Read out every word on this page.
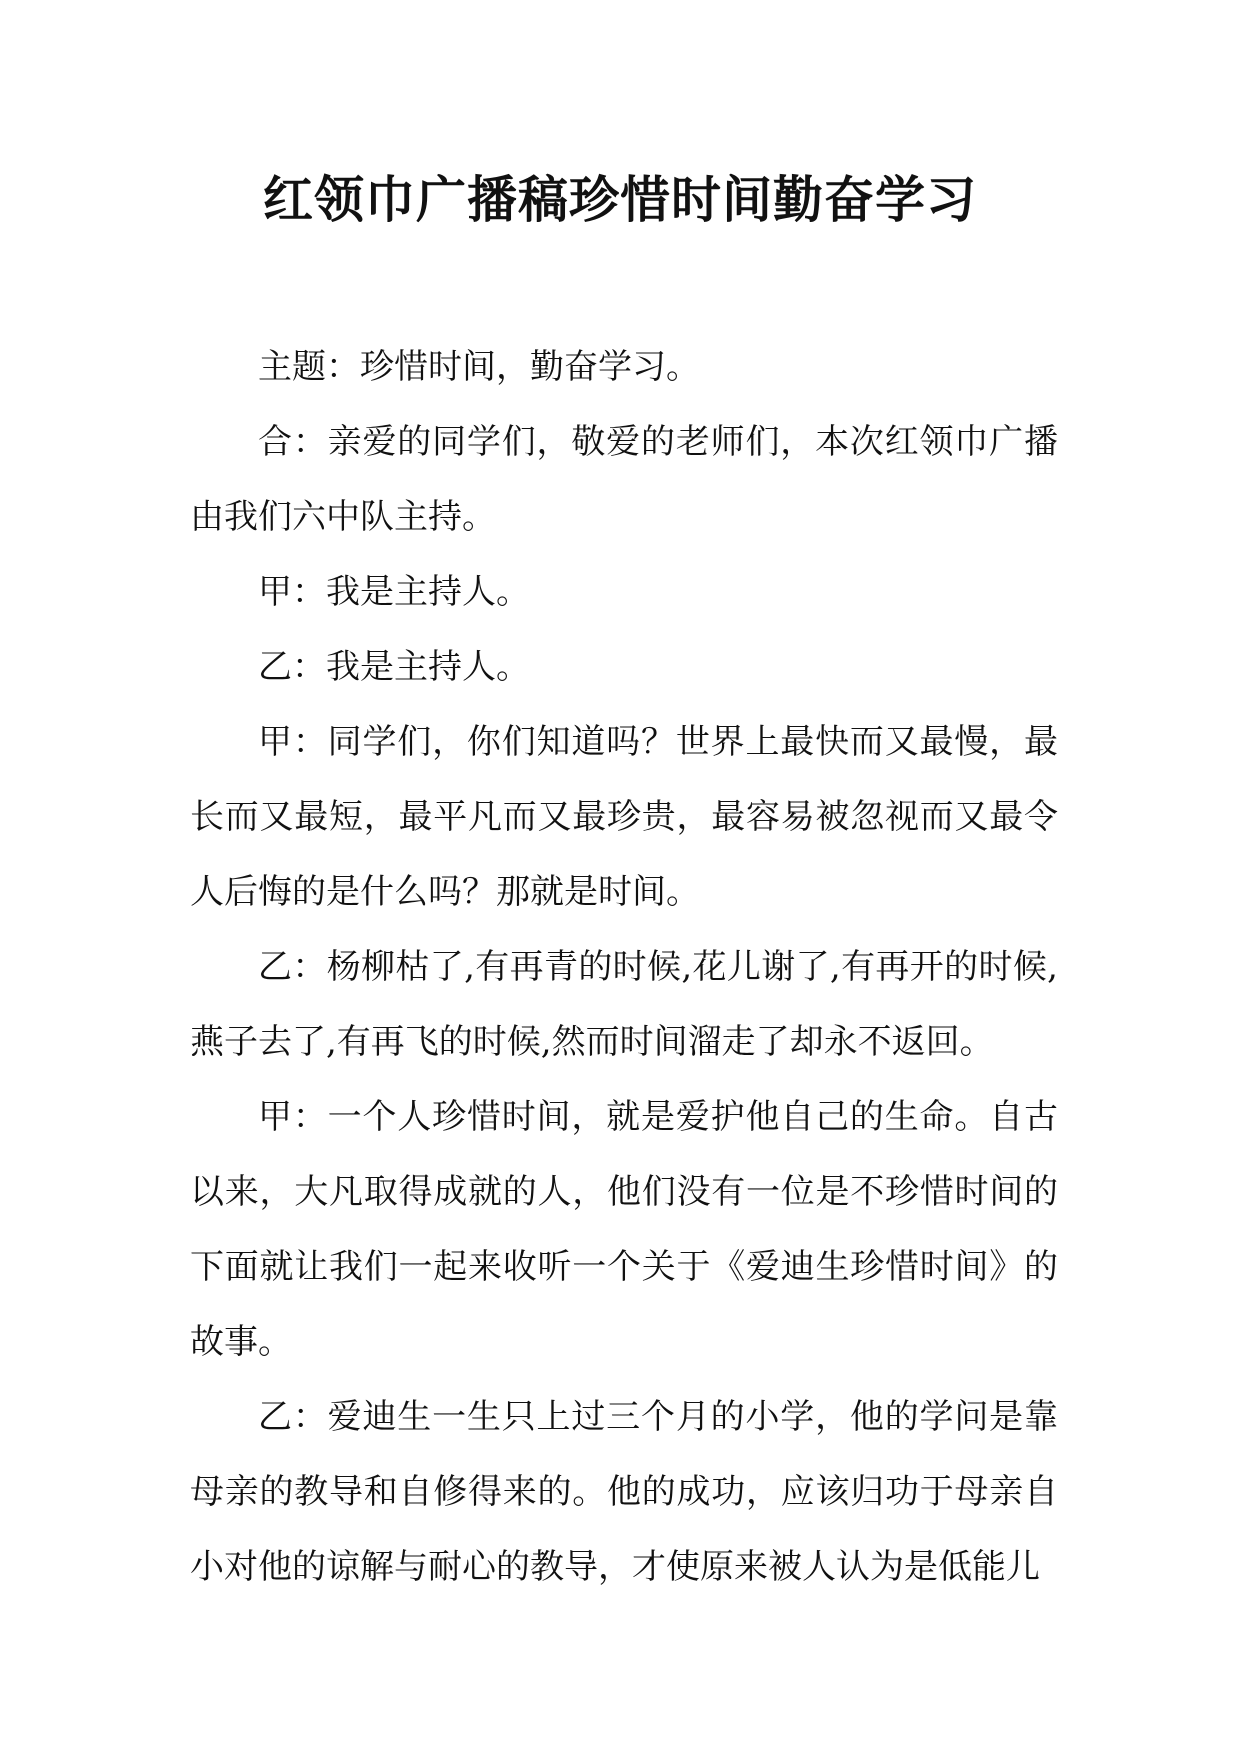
红领巾广播稿珍惜时间勤奋学习

主题：珍惜时间，勤奋学习。

合：亲爱的同学们，敬爱的老师们，本次红领巾广播由我们六中队主持。

甲：我是主持人。

乙：我是主持人。

甲：同学们，你们知道吗？世界上最快而又最慢，最长而又最短，最平凡而又最珍贵，最容易被忽视而又最令人后悔的是什么吗？那就是时间。

乙：杨柳枯了,有再青的时候,花儿谢了,有再开的时候,燕子去了,有再飞的时候,然而时间溜走了却永不返回。

甲：一个人珍惜时间，就是爱护他自己的生命。自古以来，大凡取得成就的人，他们没有一位是不珍惜时间的下面就让我们一起来收听一个关于《爱迪生珍惜时间》的故事。

乙：爱迪生一生只上过三个月的小学，他的学问是靠母亲的教导和自修得来的。他的成功，应该归功于母亲自小对他的谅解与耐心的教导，才使原来被人认为是低能儿
